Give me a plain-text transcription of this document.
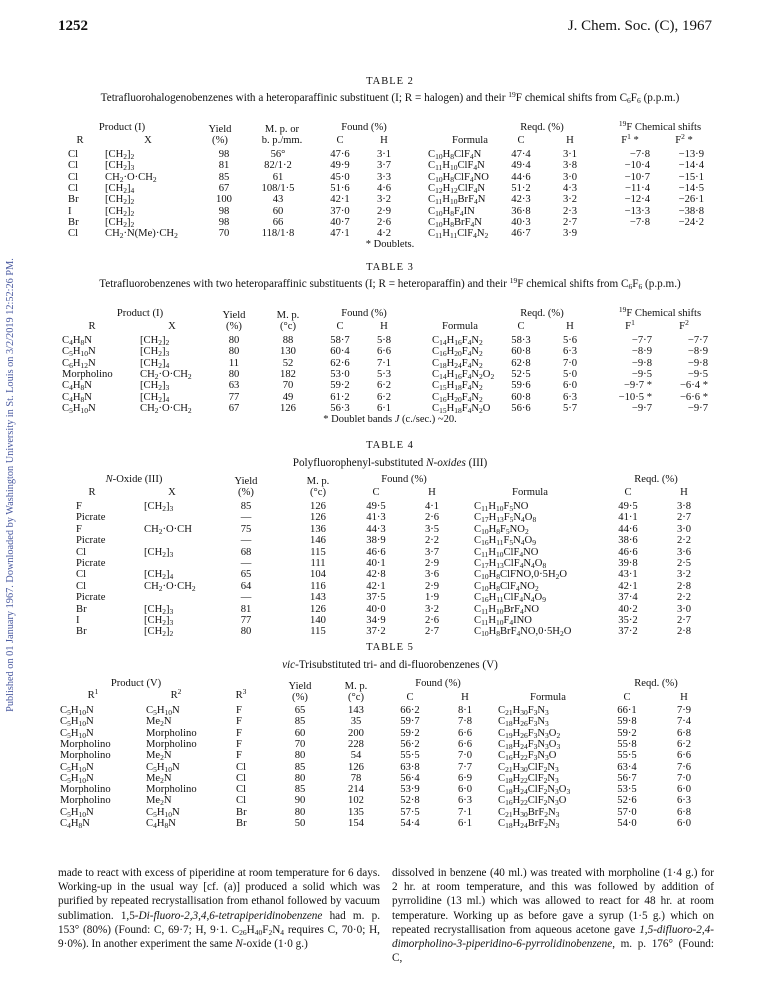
Published on 01 January 1967. Downloaded by Washington University in St. Louis on 3/2/2019 12:52:26 PM.
1252	J. Chem. Soc. (C), 1967
TABLE 2
Tetrafluorohalogenobenzenes with a heteroparaffinic substituent (I; R = halogen) and their $^{19}$F chemical shifts from $C_6F_6$ (p.p.m.)
Product (I)	Yield
(%)
M. p. or
b. p./mm.
Found (%)
C	H	Formula
Reqd. (%)
C	H
$^{19}$F Chemical shifts
$F^1$ *	$F^2$ *
R	X
Cl	$[CH_2]_2$	98	56°	47·6	3·1	$C_{10}H_8ClF_4N$	47·4	3·1	−7·8	−13·9
Cl	$[CH_2]_3$	81	82/1·2	49·9	3·7	$C_{11}H_{10}ClF_4N$	49·4	3·8	−10·4	−14·4
Cl	$CH_2\cdot O\cdot CH_2$	85	61	45·0	3·3	$C_{10}H_8ClF_4NO$	44·6	3·0	−10·7	−15·1
Cl	$[CH_2]_4$	67	108/1·5	51·6	4·6	$C_{12}H_{12}ClF_4N$	51·2	4·3	−11·4	−14·5
Br $[CH_2]_2$	100	43	42·1	3·2	$C_{11}H_{10}BrF_4N$	42·3	3·2	−12·4	−26·1
I	$[CH_2]_2$	98	60	37·0	2·9	$C_{10}H_8F_4IN$	36·8	2·3	−13·3	−38·8
Br $[CH_2]_2$	98	66	40·7	2·6	$C_{10}H_8BrF_4N$	40·3	2·7	−7·8	−24·2
Cl	$CH_2\cdot N(Me)\cdot CH_2$	70	118/1·8	47·1	4·2	$C_{11}H_{11}ClF_4N_2$	46·7	3·9
* Doublets.
TABLE 3
Tetrafluorobenzenes with two heteroparaffinic substituents (I; R = heteroparaffin) and their $^{19}$F chemical shifts from $C_6F_6$ (p.p.m.)
Product (I)	Yield
(%)
M. p.
(°c)
Found (%)
C	H	Formula
Reqd. (%)
C	H
$^{19}$F Chemical shifts
$F^1$	$F^2$
R	X
$C_4H_8N$	$[CH_2]_2$	80	88	58·7	5·8	$C_{14}H_{16}F_4N_2$	58·3	5·6	−7·7	−7·7
$C_5H_{10}N$	$[CH_2]_3$	80	130	60·4	6·6	$C_{16}H_{20}F_4N_2$	60·8	6·3	−8·9	−8·9
$C_6H_{12}N$	$[CH_2]_4$	11	52	62·6	7·1	$C_{18}H_{24}F_4N_2$	62·8	7·0	−9·8	−9·8
Morpholino	$CH_2\cdot O\cdot CH_2$	80	182	53·0	5·3	$C_{14}H_{16}F_4N_2O_2$	52·5	5·0	−9·5	−9·5
$C_4H_8N$	$[CH_2]_3$	63	70	59·2	6·2	$C_{15}H_{18}F_4N_2$	59·6	6·0	−9·7 *	−6·4 *
$C_4H_8N$	$[CH_2]_4$	77	49	61·2	6·2	$C_{16}H_{20}F_4N_2$	60·8	6·3	−10·5 *	−6·6 *
$C_5H_{10}N$	$CH_2\cdot O\cdot CH_2$	67	126	56·3	6·1	$C_{15}H_{18}F_4N_2O$	56·6	5·7	−9·7	−9·7
* Doublet bands J (c./sec.) ~20.
TABLE 4
Polyfluorophenyl-substituted N-oxides (III)
N-Oxide (III)	Yield
(%)
M. p.
(°c)
Found (%)
C	H	Formula
Reqd. (%)
C	H
R	X
F	$[CH_2]_3$	85	126	49·5	4·1	$C_{11}H_{10}F_5NO$	49·5	3·8
Picrate	—	126	41·3	2·6	$C_{17}H_{13}F_5N_4O_8$	41·1	2·7
F	$CH_2\cdot O\cdot CH$	75	136	44·3	3·5	$C_{10}H_8F_5NO_2$	44·6	3·0
Picrate	—	146	38·9	2·2	$C_{16}H_{11}F_5N_4O_9$	38·6	2·2
Cl	$[CH_2]_3$	68	115	46·6	3·7	$C_{11}H_{10}ClF_4NO$	46·6	3·6
Picrate	—	111	40·1	2·9	$C_{17}H_{13}ClF_4N_4O_8$	39·8	2·5
Cl	$[CH_2]_4$	65	104	42·8	3·6	$C_{10}H_8ClFNO,0\cdot 5H_2O$	43·1	3·2
Cl	$CH_2\cdot O\cdot CH_2$	64	116	42·1	2·9	$C_{10}H_8ClF_4NO_2$	42·1	2·8
Picrate	—	143	37·5	1·9	$C_{16}H_{11}ClF_4N_4O_9$	37·4	2·2
Br	$[CH_2]_3$	81	126	40·0	3·2	$C_{11}H_{10}BrF_4NO$	40·2	3·0
I	$[CH_2]_3$	77	140	34·9	2·6	$C_{11}H_{10}F_4INO$	35·2	2·7
Br	$[CH_2]_2$	80	115	37·2	2·7	$C_{10}H_8BrF_4NO,0\cdot 5H_2O$	37·2	2·8
TABLE 5
vic-Trisubstituted tri- and di-fluorobenzenes (V)
Product (V)
$R^1$	$R^2$	$R^3$	Yield
(%)
M. p.
(°c)
Found (%)
C	H	Formula
Reqd. (%)
C	H
$C_5H_{10}N$	$C_5H_{10}N$	F	65	143	66·2	8·1	$C_{21}H_{30}F_3N_3$	66·1	7·9
$C_5H_{10}N$	$Me_2N$	F	85	35	59·7	7·8	$C_{18}H_{26}F_3N_3$	59·8	7·4
$C_5H_{10}N$	Morpholino	F	60	200	59·2	6·6	$C_{19}H_{26}F_3N_3O_2$	59·2	6·8
Morpholino	Morpholino	F	70	228	56·2	6·6	$C_{18}H_{24}F_3N_3O_3$	55·8	6·2
Morpholino	$Me_2N$	F	80	54	55·5	7·0	$C_{16}H_{22}F_3N_3O$	55·5	6·6
$C_5H_{10}N$	$C_5H_{10}N$	Cl	85	126	63·8	7·7	$C_{21}H_{30}ClF_2N_3$	63·4	7·6
$C_5H_{10}N$	$Me_2N$	Cl	80	78	56·4	6·9	$C_{18}H_{22}ClF_2N_3$	56·7	7·0
Morpholino	Morpholino	Cl	85	214	53·9	6·0	$C_{18}H_{24}ClF_2N_3O_3$	53·5	6·0
Morpholino	$Me_2N$	Cl	90	102	52·8	6·3	$C_{16}H_{22}ClF_2N_3O$	52·6	6·3
$C_5H_{10}N$	$C_5H_{10}N$	Br	80	135	57·5	7·1	$C_{21}H_{30}BrF_2N_3$	57·0	6·8
$C_4H_8N$	$C_4H_8N$	Br	50	154	54·4	6·1	$C_{18}H_{24}BrF_2N_3$	54·0	6·0

made to react with excess of piperidine at room temperature for 6 days. Working-up in the usual way [cf. (a)] produced a solid which was purified by repeated recrystallisation from ethanol followed by vacuum sublimation. 1,5-Di-fluoro-2,3,4,6-tetrapiperidinobenzene had m. p. 153° (80%) (Found: C, 69·7; H, 9·1. $C_{26}H_{40}F_2N_4$ requires C, 70·0; H, 9·0%). In another experiment the same N-oxide (1·0 g.)

dissolved in benzene (40 ml.) was treated with morpholine (1·4 g.) for 2 hr. at room temperature, and this was followed by addition of pyrrolidine (13 ml.) which was allowed to react for 48 hr. at room temperature. Working up as before gave a syrup (1·5 g.) which on repeated recrystallisation from aqueous acetone gave 1,5-difluoro-2,4-dimorpholino-3-piperidino-6-pyrrolidinobenzene, m. p. 176° (Found: C,
